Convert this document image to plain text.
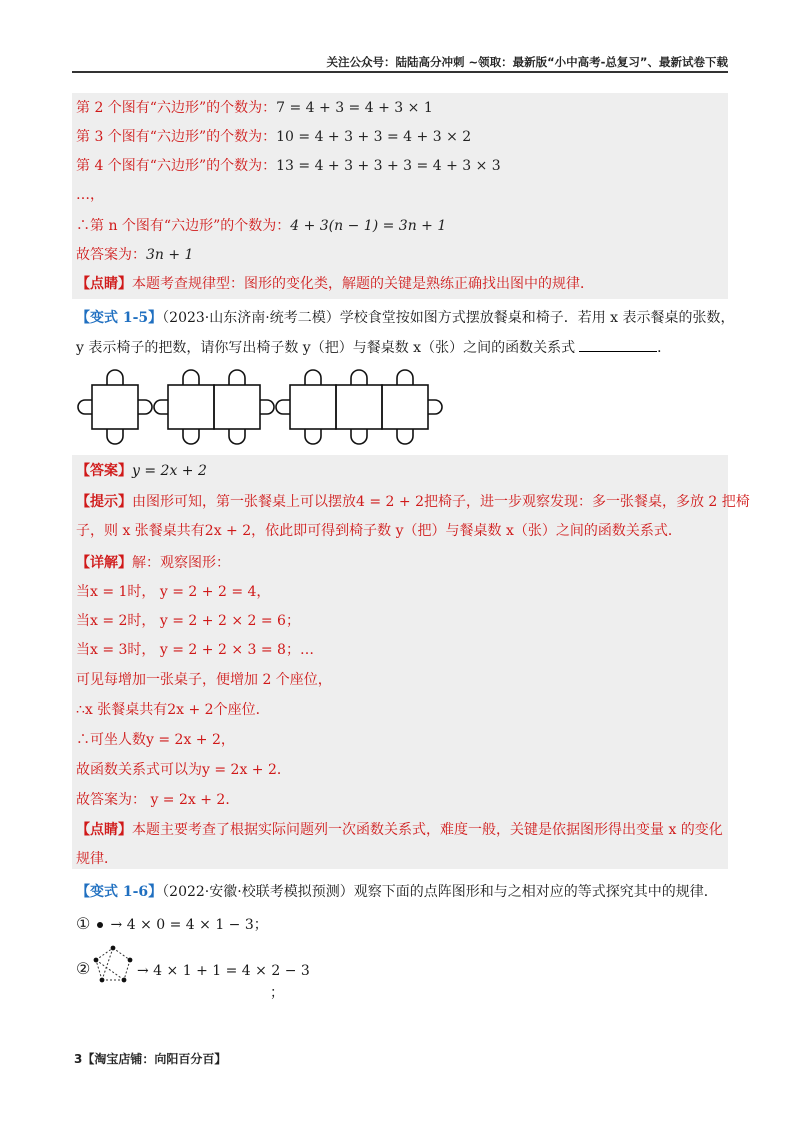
关注公众号：陆陆高分冲刺 ~领取：最新版“小中高考-总复习”、最新试卷下载
第 2 个图有“六边形”的个数为：7 = 4 + 3 = 4 + 3 × 1
第 3 个图有“六边形”的个数为：10 = 4 + 3 + 3 = 4 + 3 × 2
第 4 个图有“六边形”的个数为：13 = 4 + 3 + 3 + 3 = 4 + 3 × 3
…，
∴第 n 个图有“六边形”的个数为：4 + 3(n − 1) = 3n + 1
故答案为：3n + 1
【点睛】本题考查规律型：图形的变化类，解题的关键是熟练正确找出图中的规律．
【变式 1-5】（2023·山东济南·统考二模）学校食堂按如图方式摆放餐桌和椅子．若用 x 表示餐桌的张数，
y 表示椅子的把数，请你写出椅子数 y（把）与餐桌数 x（张）之间的函数关系式	．
【答案】y = 2x + 2
【提示】由图形可知，第一张餐桌上可以摆放4 = 2 + 2把椅子，进一步观察发现：多一张餐桌，多放 2 把椅
子，则 x 张餐桌共有2x + 2，依此即可得到椅子数 y（把）与餐桌数 x（张）之间的函数关系式．
【详解】解：观察图形：
当x = 1时， y = 2 + 2 = 4，
当x = 2时， y = 2 + 2 × 2 = 6；
当x = 3时， y = 2 + 2 × 3 = 8；…
可见每增加一张桌子，便增加 2 个座位，
∴x 张餐桌共有2x + 2个座位．
∴可坐人数y = 2x + 2，
故函数关系式可以为y = 2x + 2．
故答案为： y = 2x + 2．
【点睛】本题主要考查了根据实际问题列一次函数关系式，难度一般，关键是依据图形得出变量 x 的变化
规律．
【变式 1-6】（2022·安徽·校联考模拟预测）观察下面的点阵图形和与之相对应的等式探究其中的规律．
① → 4 × 0 = 4 × 1 − 3；
②	→ 4 × 1 + 1 = 4 × 2 − 3
；
3【淘宝店铺：向阳百分百】
